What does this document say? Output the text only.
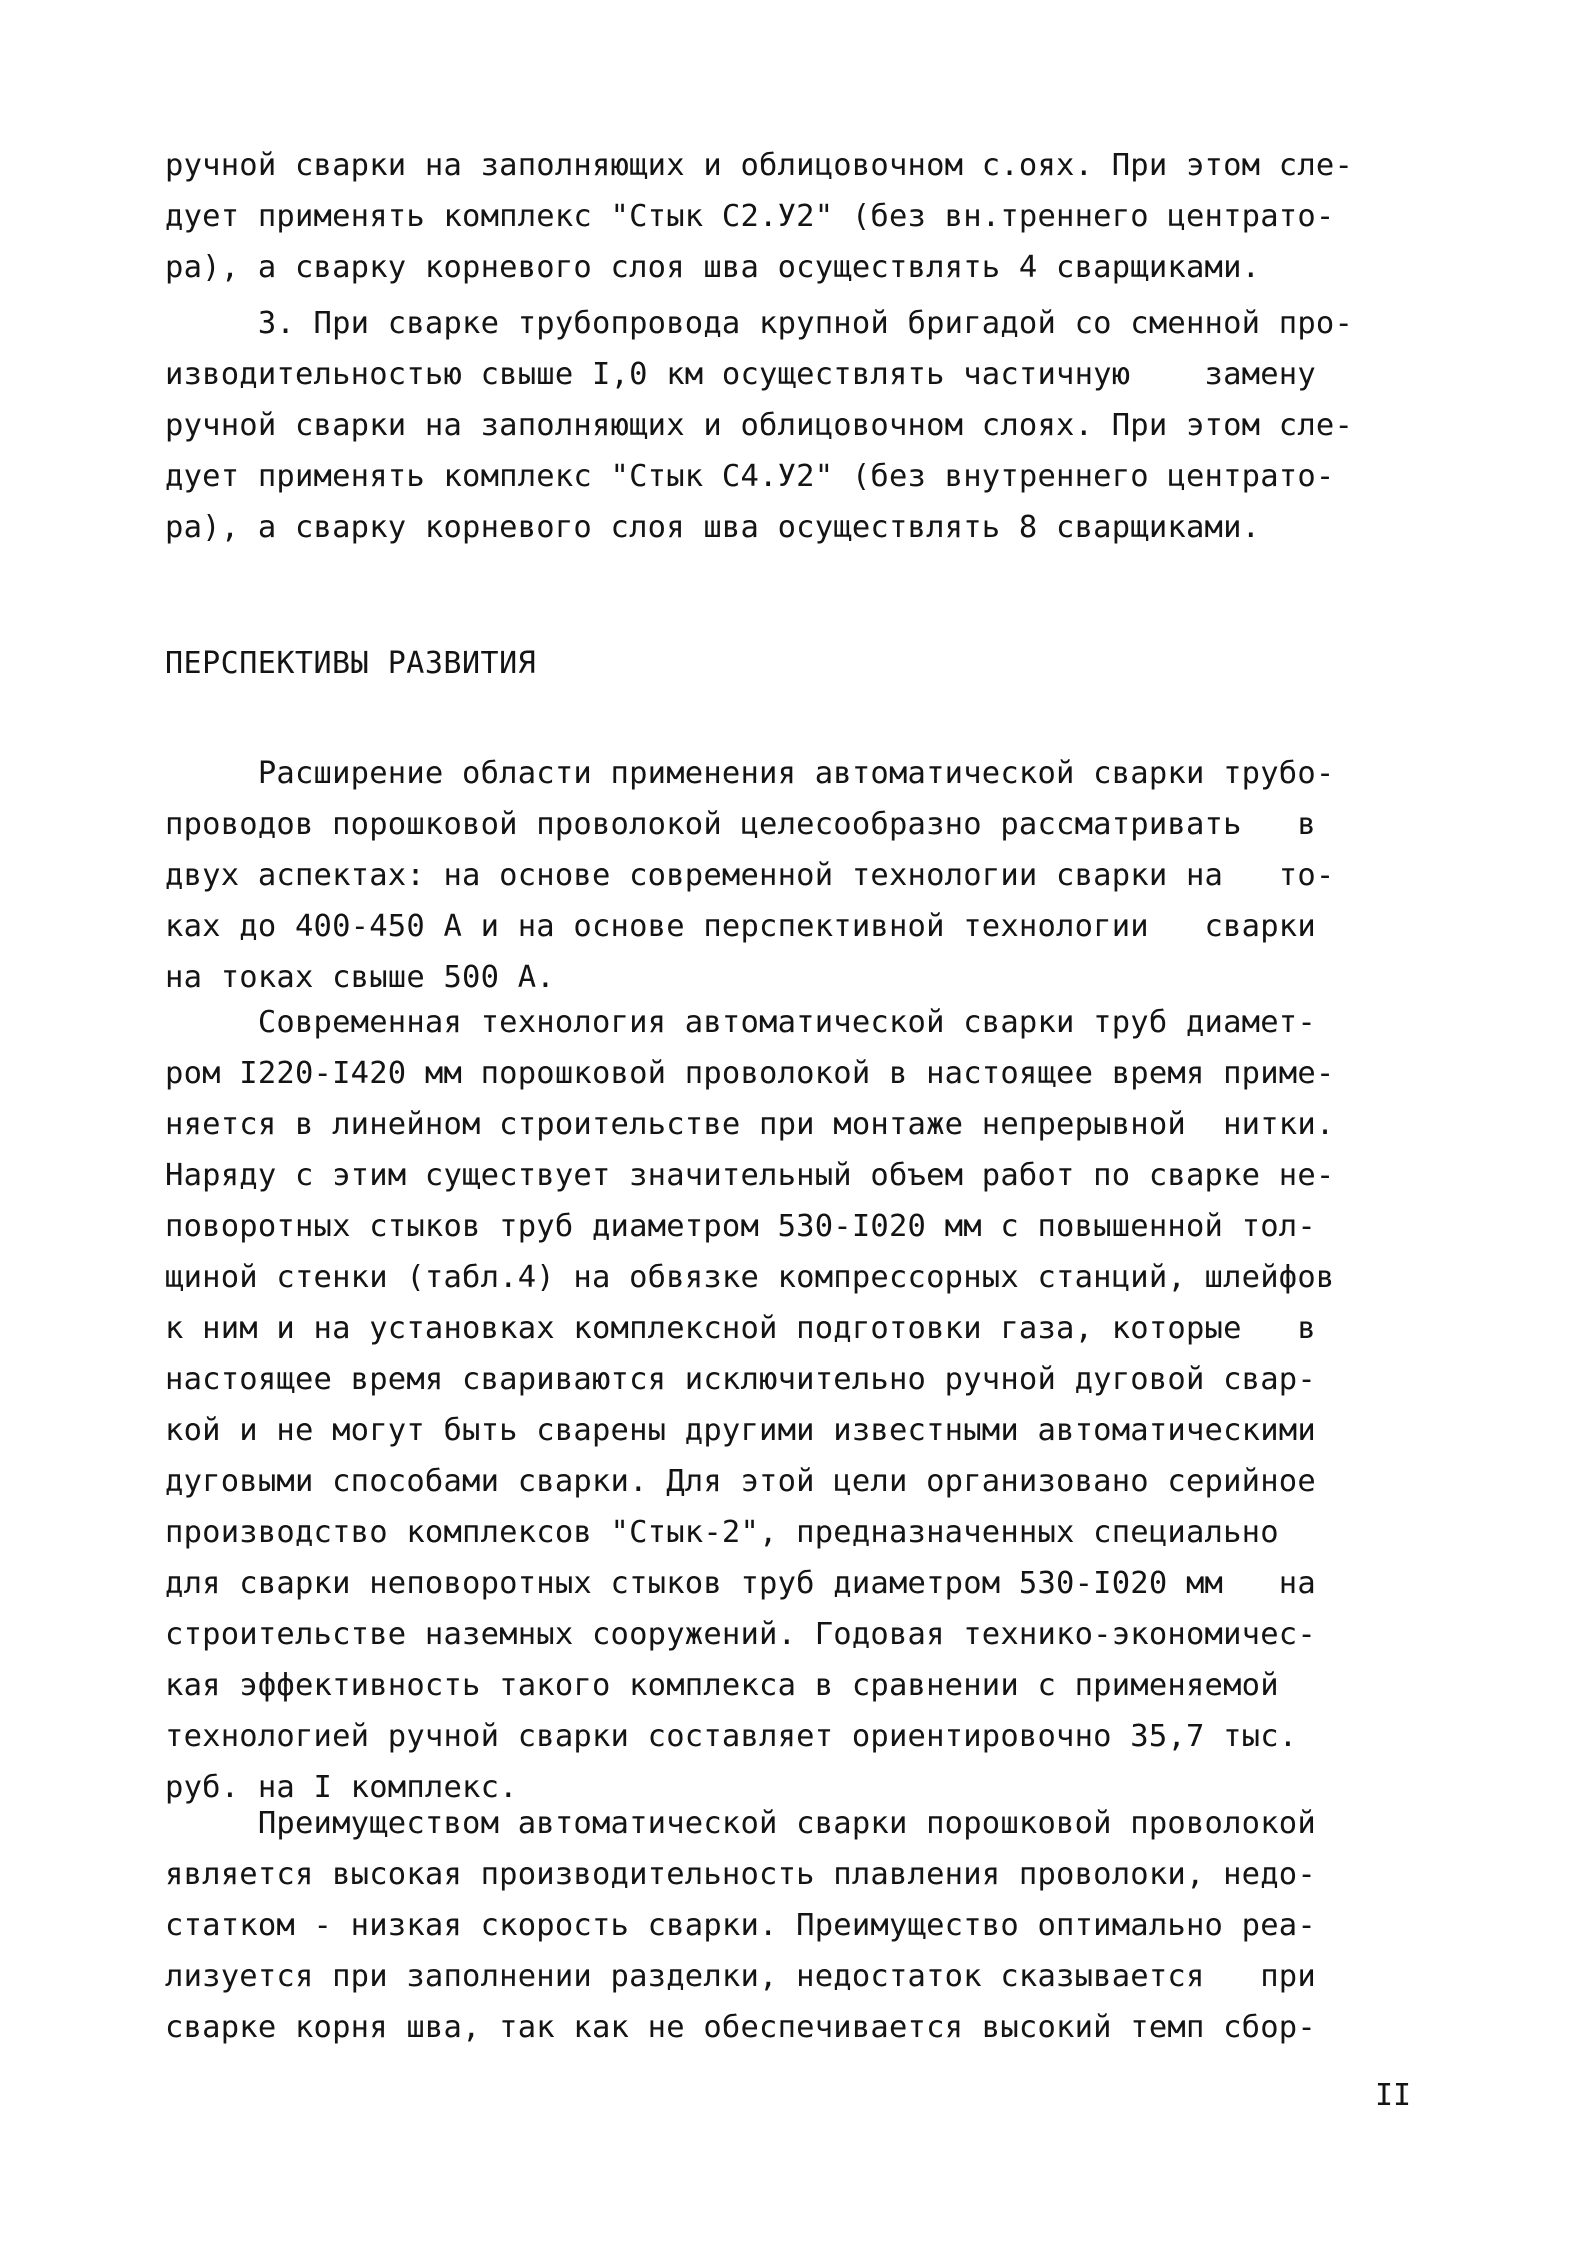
ручной сварки на заполняющих и облицовочном с.оях. При этом сле-
дует применять комплекс "Стык С2.У2" (без вн.треннего центрато-
ра), а сварку корневого слоя шва осуществлять 4 сварщиками.
3. При сварке трубопровода крупной бригадой со сменной про-
изводительностью свыше I,0 км осуществлять частичную    замену
ручной сварки на заполняющих и облицовочном слоях. При этом сле-
дует применять комплекс "Стык С4.У2" (без внутреннего центрато-
ра), а сварку корневого слоя шва осуществлять 8 сварщиками.
ПЕРСПЕКТИВЫ РАЗВИТИЯ
Расширение области применения автоматической сварки трубо-
проводов порошковой проволокой целесообразно рассматривать   в
двух аспектах: на основе современной технологии сварки на   то-
ках до 400-450 А и на основе перспективной технологии   сварки
на токах свыше 500 А.
Современная технология автоматической сварки труб диамет-
ром I220-I420 мм порошковой проволокой в настоящее время приме-
няется в линейном строительстве при монтаже непрерывной  нитки.
Наряду с этим существует значительный объем работ по сварке не-
поворотных стыков труб диаметром 530-I020 мм с повышенной тол-
щиной стенки (табл.4) на обвязке компрессорных станций, шлейфов
к ним и на установках комплексной подготовки газа, которые   в
настоящее время свариваются исключительно ручной дуговой свар-
кой и не могут быть сварены другими известными автоматическими
дуговыми способами сварки. Для этой цели организовано серийное
производство комплексов "Стык-2", предназначенных специально
для сварки неповоротных стыков труб диаметром 530-I020 мм   на
строительстве наземных сооружений. Годовая технико-экономичес-
кая эффективность такого комплекса в сравнении с применяемой
технологией ручной сварки составляет ориентировочно 35,7 тыс.
руб. на I комплекс.
Преимуществом автоматической сварки порошковой проволокой
является высокая производительность плавления проволоки, недо-
статком - низкая скорость сварки. Преимущество оптимально реа-
лизуется при заполнении разделки, недостаток сказывается   при
сварке корня шва, так как не обеспечивается высокий темп сбор-
II
